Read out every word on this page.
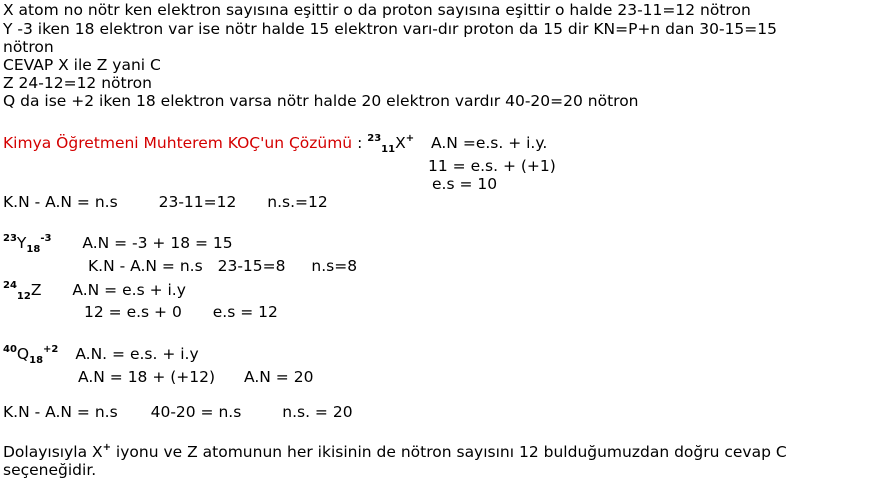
X atom no nötr ken elektron sayısına eşittir o da proton sayısına eşittir o halde 23-11=12 nötron
Y -3 iken 18 elektron var ise nötr halde 15 elektron varı-dır proton da 15 dir KN=P+n dan 30-15=15
nötron
CEVAP X ile Z yani C
Z 24-12=12 nötron
Q da ise +2 iken 18 elektron varsa nötr halde 20 elektron vardır 40-20=20 nötron
Kimya Öğretmeni Muhterem KOÇ'un Çözümü : $^{23}_{11}$X+ A.N =e.s. + i.y.
11 = e.s. + (+1)
e.s = 10
K.N - A.N = n.s	23-11=12 n.s.=12
$^{23}Y_{18}^{-3}$ A.N = -3 + 18 = 15
K.N - A.N = n.s 23-15=8 n.s=8
$^{24}_{12}$Z A.N = e.s + i.y
12 = e.s + 0 e.s = 12
$^{40}Q_{18}^{+2}$ A.N. = e.s. + i.y
A.N = 18 + (+12) A.N = 20
K.N - A.N = n.s 40-20 = n.s	n.s. = 20
Dolayısıyla X+ iyonu ve Z atomunun her ikisinin de nötron sayısını 12 bulduğumuzdan doğru cevap C
seçeneğidir.
